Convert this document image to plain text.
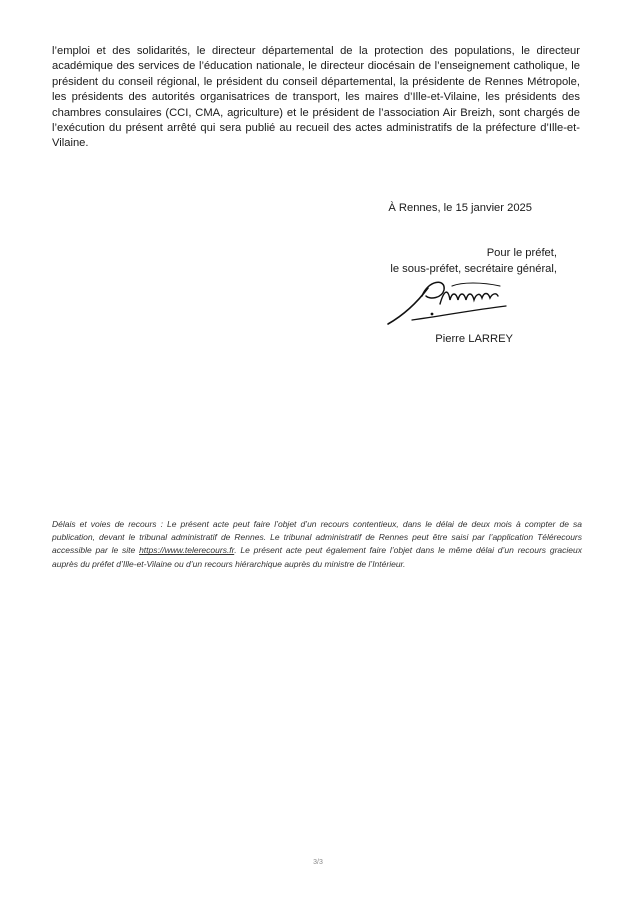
l’emploi et des solidarités, le directeur départemental de la protection des populations, le directeur académique des services de l’éducation nationale, le directeur diocésain de l’enseignement catholique, le président du conseil régional, le président du conseil départemental, la présidente de Rennes Métropole, les présidents des autorités organisatrices de transport, les maires d’Ille-et-Vilaine, les présidents des chambres consulaires (CCI, CMA, agriculture) et le président de l’association Air Breizh, sont chargés de l’exécution du présent arrêté qui sera publié au recueil des actes administratifs de la préfecture d’Ille-et-Vilaine.

À Rennes, le 15 janvier 2025
Pour le préfet,
le sous-préfet, secrétaire général,
Pierre LARREY

Délais et voies de recours : Le présent acte peut faire l’objet d’un recours contentieux, dans le délai de deux mois à compter de sa publication, devant le tribunal administratif de Rennes. Le tribunal administratif de Rennes peut être saisi par l’application Télérecours accessible par le site https://www.telerecours.fr. Le présent acte peut également faire l’objet dans le même délai d’un recours gracieux auprès du préfet d’Ille-et-Vilaine ou d’un recours hiérarchique auprès du ministre de l’Intérieur.

3/3
